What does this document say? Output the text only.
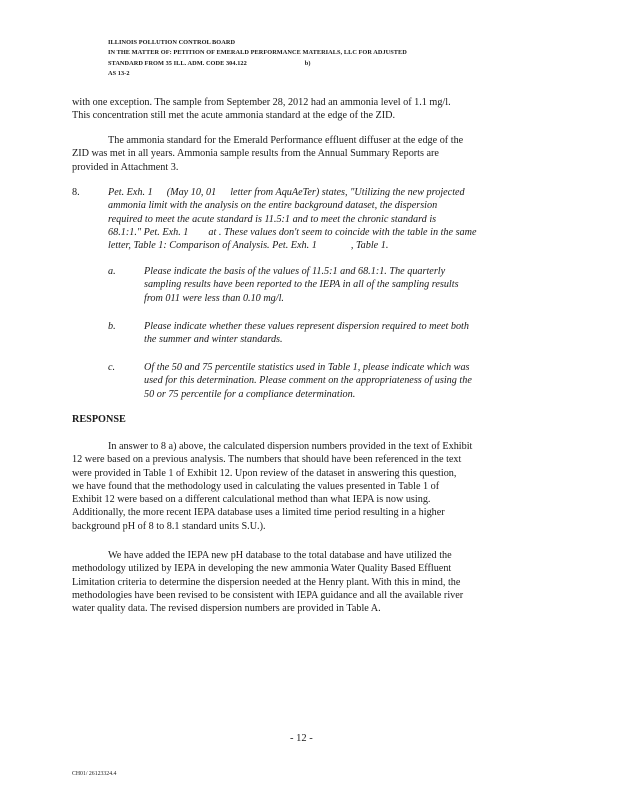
ILLINOIS POLLUTION CONTROL BOARD
IN THE MATTER OF: PETITION OF EMERALD PERFORMANCE MATERIALS, LLC FOR ADJUSTED
STANDARD FROM 35 ILL. ADM. CODE 304.122	b)
AS 13-2
with one exception. The sample from September 28, 2012 had an ammonia level of 1.1 mg/l.
This concentration still met the acute ammonia standard at the edge of the ZID.
The ammonia standard for the Emerald Performance effluent diffuser at the edge of the
ZID was met in all years. Ammonia sample results from the Annual Summary Reports are
provided in Attachment 3.
8.	Pet. Exh. 1 (May 10, 01 letter from AquAeTer) states, "Utilizing the new projected
ammonia limit with the analysis on the entire background dataset, the dispersion
required to meet the acute standard is 11.5:1 and to meet the chronic standard is
68.1:1." Pet. Exh. 1 at . These values don't seem to coincide with the table in the same
letter, Table 1: Comparison of Analysis. Pet. Exh. 1	, Table 1.
a.	Please indicate the basis of the values of 11.5:1 and 68.1:1. The quarterly
sampling results have been reported to the IEPA in all of the sampling results
from 011 were less than 0.10 mg/l.
b.	Please indicate whether these values represent dispersion required to meet both
the summer and winter standards.
c.	Of the 50 and 75 percentile statistics used in Table 1, please indicate which was
used for this determination. Please comment on the appropriateness of using the
50 or 75 percentile for a compliance determination.
RESPONSE
In answer to 8 a) above, the calculated dispersion numbers provided in the text of Exhibit
12 were based on a previous analysis. The numbers that should have been referenced in the text
were provided in Table 1 of Exhibit 12. Upon review of the dataset in answering this question,
we have found that the methodology used in calculating the values presented in Table 1 of
Exhibit 12 were based on a different calculational method than what IEPA is now using.
Additionally, the more recent IEPA database uses a limited time period resulting in a higher
background pH of 8 to 8.1 standard units S.U.).
We have added the IEPA new pH database to the total database and have utilized the
methodology utilized by IEPA in developing the new ammonia Water Quality Based Effluent
Limitation criteria to determine the dispersion needed at the Henry plant. With this in mind, the
methodologies have been revised to be consistent with IEPA guidance and all the available river
water quality data. The revised dispersion numbers are provided in Table A.
- 12 -
CH01/ 26123324.4
